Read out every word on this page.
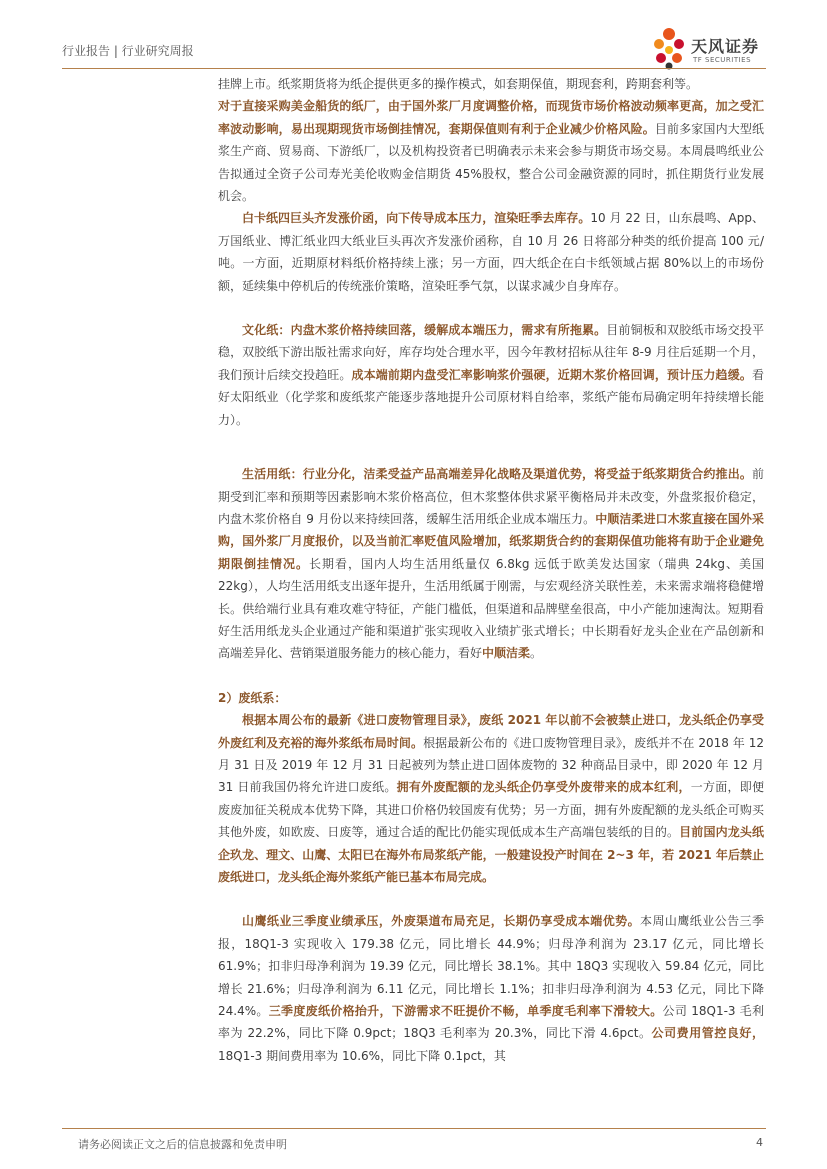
行业报告 | 行业研究周报	天风证券
TF SECURITIES

挂牌上市。纸浆期货将为纸企提供更多的操作模式，如套期保值，期现套利，跨期套利等。

对于直接采购美金船货的纸厂，由于国外浆厂月度调整价格，而现货市场价格波动频率更高，加之受汇率波动影响，易出现期现货市场倒挂情况，套期保值则有利于企业减少价格风险。目前多家国内大型纸浆生产商、贸易商、下游纸厂，以及机构投资者已明确表示未来会参与期货市场交易。本周晨鸣纸业公告拟通过全资子公司寿光美伦收购金信期货 45%股权，整合公司金融资源的同时，抓住期货行业发展机会。

白卡纸四巨头齐发涨价函，向下传导成本压力，渲染旺季去库存。10 月 22 日，山东晨鸣、App、万国纸业、博汇纸业四大纸业巨头再次齐发涨价函称，自 10 月 26 日将部分种类的纸价提高 100 元/吨。一方面，近期原材料纸价格持续上涨；另一方面，四大纸企在白卡纸领域占据 80%以上的市场份额，延续集中停机后的传统涨价策略，渲染旺季气氛，以谋求减少自身库存。

文化纸：内盘木浆价格持续回落，缓解成本端压力，需求有所拖累。目前铜板和双胶纸市场交投平稳，双胶纸下游出版社需求向好，库存均处合理水平，因今年教材招标从往年 8-9 月往后延期一个月，我们预计后续交投趋旺。成本端前期内盘受汇率影响浆价强硬，近期木浆价格回调，预计压力趋缓。看好太阳纸业（化学浆和废纸浆产能逐步落地提升公司原材料自给率，浆纸产能布局确定明年持续增长能力）。

生活用纸：行业分化，洁柔受益产品高端差异化战略及渠道优势，将受益于纸浆期货合约推出。前期受到汇率和预期等因素影响木浆价格高位，但木浆整体供求紧平衡格局并未改变，外盘浆报价稳定，内盘木浆价格自 9 月份以来持续回落，缓解生活用纸企业成本端压力。中顺洁柔进口木浆直接在国外采购，国外浆厂月度报价，以及当前汇率贬值风险增加，纸浆期货合约的套期保值功能将有助于企业避免期限倒挂情况。长期看，国内人均生活用纸量仅 6.8kg 远低于欧美发达国家（瑞典 24kg、美国 22kg），人均生活用纸支出逐年提升，生活用纸属于刚需，与宏观经济关联性差，未来需求端将稳健增长。供给端行业具有难攻难守特征，产能门槛低，但渠道和品牌壁垒很高，中小产能加速淘汰。短期看好生活用纸龙头企业通过产能和渠道扩张实现收入业绩扩张式增长；中长期看好龙头企业在产品创新和高端差异化、营销渠道服务能力的核心能力，看好中顺洁柔。

2）废纸系：

根据本周公布的最新《进口废物管理目录》，废纸 2021 年以前不会被禁止进口，龙头纸企仍享受外废红利及充裕的海外浆纸布局时间。根据最新公布的《进口废物管理目录》，废纸并不在 2018 年 12 月 31 日及 2019 年 12 月 31 日起被列为禁止进口固体废物的 32 种商品目录中，即 2020 年 12 月 31 日前我国仍将允许进口废纸。拥有外废配额的龙头纸企仍享受外废带来的成本红利，一方面，即便废废加征关税成本优势下降，其进口价格仍较国废有优势；另一方面，拥有外废配额的龙头纸企可购买其他外废，如欧废、日废等，通过合适的配比仍能实现低成本生产高端包装纸的目的。目前国内龙头纸企玖龙、理文、山鹰、太阳已在海外布局浆纸产能，一般建设投产时间在 2~3 年，若 2021 年后禁止废纸进口，龙头纸企海外浆纸产能已基本布局完成。

山鹰纸业三季度业绩承压，外废渠道布局充足，长期仍享受成本端优势。本周山鹰纸业公告三季报，18Q1-3 实现收入 179.38 亿元，同比增长 44.9%；归母净利润为 23.17 亿元，同比增长 61.9%；扣非归母净利润为 19.39 亿元，同比增长 38.1%。其中 18Q3 实现收入 59.84 亿元，同比增长 21.6%；归母净利润为 6.11 亿元，同比增长 1.1%；扣非归母净利润为 4.53 亿元，同比下降 24.4%。三季度废纸价格抬升，下游需求不旺提价不畅，单季度毛利率下滑较大。公司 18Q1-3 毛利率为 22.2%，同比下降 0.9pct；18Q3 毛利率为 20.3%，同比下滑 4.6pct。公司费用管控良好，18Q1-3 期间费用率为 10.6%，同比下降 0.1pct，其

请务必阅读正文之后的信息披露和免责申明	4
